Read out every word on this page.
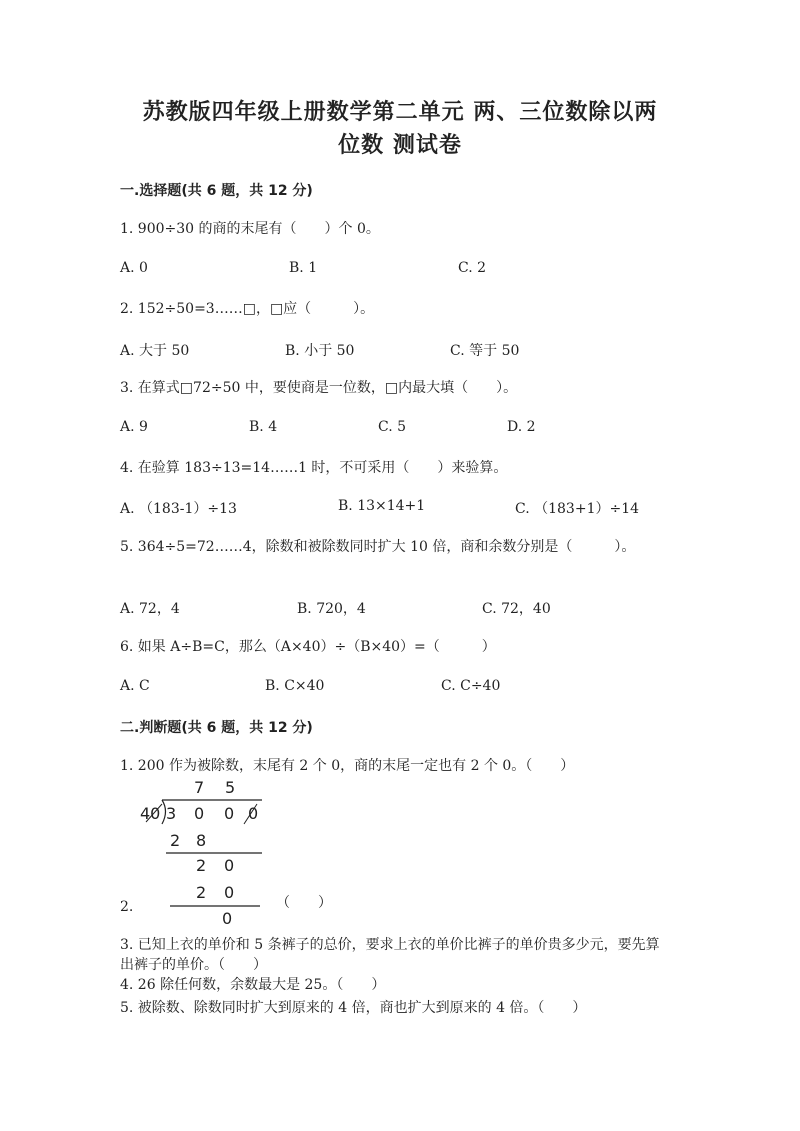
苏教版四年级上册数学第二单元 两、三位数除以两
位数 测试卷
一.选择题(共 6 题，共 12 分)
1. 900÷30 的商的末尾有（　　）个 0。
A. 0	B. 1	C. 2
2. 152÷50=3……□，□应（　　　）。
A. 大于 50	B. 小于 50	C. 等于 50
3. 在算式□72÷50 中，要使商是一位数，□内最大填（　　）。
A. 9	B. 4	C. 5	D. 2
4. 在验算 183÷13=14……1 时，不可采用（　　）来验算。
A. （183-1）÷13	B. 13×14+1	C. （183+1）÷14
5. 364÷5=72……4，除数和被除数同时扩大 10 倍，商和余数分别是（　　　）。
A. 72，4	B. 720，4	C. 72，40
6. 如果 A÷B=C，那么（A×40）÷（B×40）=（　　　）
A. C	B. C×40	C. C÷40
二.判断题(共 6 题，共 12 分)
1. 200 作为被除数，末尾有 2 个 0，商的末尾一定也有 2 个 0。（　　）
7 5
40 3 0 0 0
2 8
2 0
2 0
0
2.	（　　）
3. 已知上衣的单价和 5 条裤子的总价，要求上衣的单价比裤子的单价贵多少元，要先算出裤子的单价。（　　）
4. 26 除任何数，余数最大是 25。（　　）
5. 被除数、除数同时扩大到原来的 4 倍，商也扩大到原来的 4 倍。（　　）
